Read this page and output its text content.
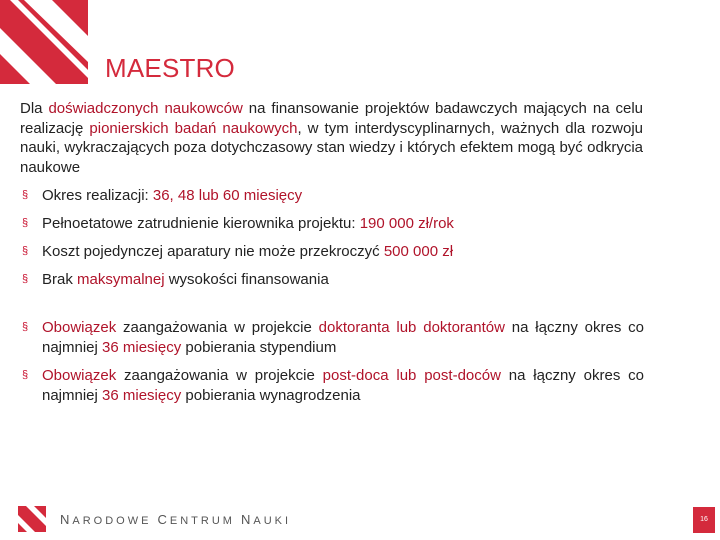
MAESTRO
Dla doświadczonych naukowców na finansowanie projektów badawczych mających na celu realizację pionierskich badań naukowych, w tym interdyscyplinarnych, ważnych dla rozwoju nauki, wykraczających poza dotychczasowy stan wiedzy i których efektem mogą być odkrycia naukowe
§ Okres realizacji: 36, 48 lub 60 miesięcy
§ Pełnoetatowe zatrudnienie kierownika projektu: 190 000 zł/rok
§ Koszt pojedynczej aparatury nie może przekroczyć 500 000 zł
§ Brak maksymalnej wysokości finansowania
§ Obowiązek zaangażowania w projekcie doktoranta lub doktorantów na łączny okres co najmniej 36 miesięcy pobierania stypendium
§ Obowiązek zaangażowania w projekcie post-doca lub post-doców na łączny okres co najmniej 36 miesięcy pobierania wynagrodzenia
NARODOWE CENTRUM NAUKI	16
